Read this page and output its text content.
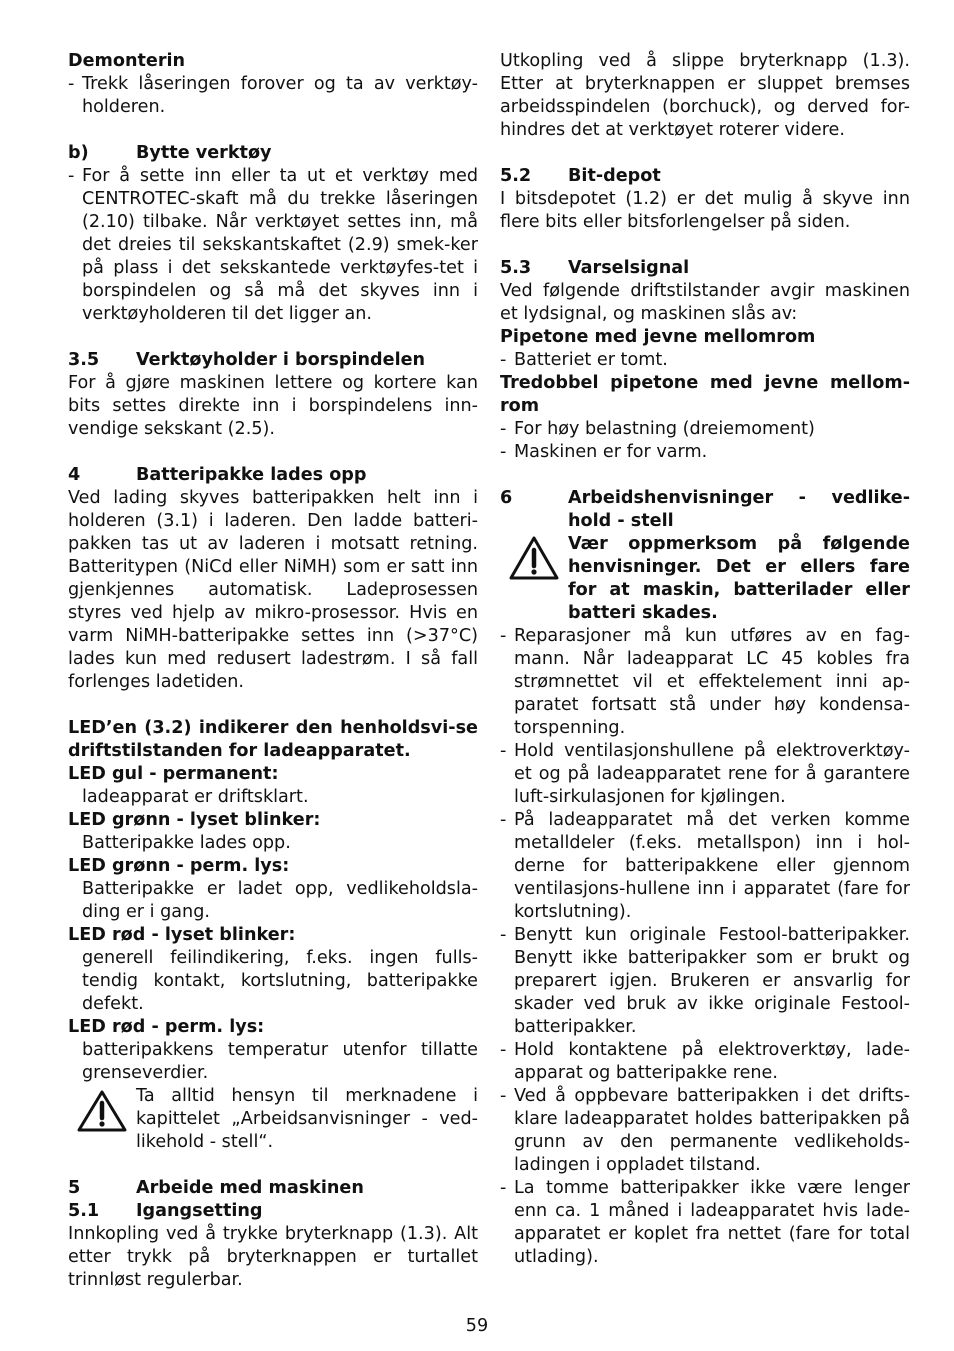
Demonterin

- Trekk låseringen forover og ta av verktøy-holderen.
b)	Bytte verktøy
- For å sette inn eller ta ut et verktøy med CENTROTEC-skaft må du trekke låseringen (2.10) tilbake. Når verktøyet settes inn, må det dreies til sekskantskaftet (2.9) smek-ker på plass i det sekskantede verktøyfes-tet i borspindelen og så må det skyves inn i verktøyholderen til det ligger an.
3.5	Verktøyholder i borspindelen

For å gjøre maskinen lettere og kortere kan bits settes direkte inn i borspindelens inn-vendige sekskant (2.5).

4	Batteripakke lades opp

Ved lading skyves batteripakken helt inn i holderen (3.1) i laderen. Den ladde batteri-pakken tas ut av laderen i motsatt retning. Batteritypen (NiCd eller NiMH) som er satt inn gjenkjennes automatisk. Ladeprosessen styres ved hjelp av mikro-prosessor. Hvis en varm NiMH-batteripakke settes inn (>37°C) lades kun med redusert ladestrøm. I så fall forlenges ladetiden.

LED’en (3.2) indikerer den henholdsvi-se driftstilstanden for ladeapparatet.

LED gul - permanent:

ladeapparat er driftsklart.

LED grønn - lyset blinker:

Batteripakke lades opp.

LED grønn - perm. lys:

Batteripakke er ladet opp, vedlikeholdsla-ding er i gang.

LED rød - lyset blinker:

generell feilindikering, f.eks. ingen fulls-tendig kontakt, kortslutning, batteripakke defekt.

LED rød - perm. lys:

batteripakkens temperatur utenfor tillatte grenseverdier.

Ta alltid hensyn til merknadene i kapittelet „Arbeidsanvisninger - ved-likehold - stell“.

5	Arbeide med maskinen
5.1	Igangsetting

Innkopling ved å trykke bryterknapp (1.3). Alt etter trykk på bryterknappen er turtallet trinnløst regulerbar.

Utkopling ved å slippe bryterknapp (1.3). Etter at bryterknappen er sluppet bremses arbeidsspindelen (borchuck), og derved for-hindres det at verktøyet roterer videre.

5.2	Bit-depot

I bitsdepotet (1.2) er det mulig å skyve inn flere bits eller bitsforlengelser på siden.

5.3	Varselsignal

Ved følgende driftstilstander avgir maskinen et lydsignal, og maskinen slås av:

Pipetone med jevne mellomrom

- Batteriet er tomt.

Tredobbel pipetone med jevne mellom-rom

- For høy belastning (dreiemoment)
- Maskinen er for varm.
6	Arbeidshenvisninger - vedlike-hold - stell

Vær oppmerksom på følgende henvisninger. Det er ellers fare for at maskin, batterilader eller batteri skades.

- Reparasjoner må kun utføres av en fag-mann. Når ladeapparat LC 45 kobles fra strømnettet vil et effektelement inni ap-paratet fortsatt stå under høy kondensa-torspenning.
- Hold ventilasjonshullene på elektroverktøy-et og på ladeapparatet rene for å garantere luft-sirkulasjonen for kjølingen.
- På ladeapparatet må det verken komme metalldeler (f.eks. metallspon) inn i hol-derne for batteripakkene eller gjennom ventilasjons-hullene inn i apparatet (fare for kortslutning).
- Benytt kun originale Festool-batteripakker. Benytt ikke batteripakker som er brukt og preparert igjen. Brukeren er ansvarlig for skader ved bruk av ikke originale Festool-batteripakker.
- Hold kontaktene på elektroverktøy, lade-apparat og batteripakke rene.
- Ved å oppbevare batteripakken i det drifts-klare ladeapparatet holdes batteripakken på grunn av den permanente vedlikeholds-ladingen i oppladet tilstand.
- La tomme batteripakker ikke være lenger enn ca. 1 måned i ladeapparatet hvis lade-apparatet er koplet fra nettet (fare for total utlading).
59
